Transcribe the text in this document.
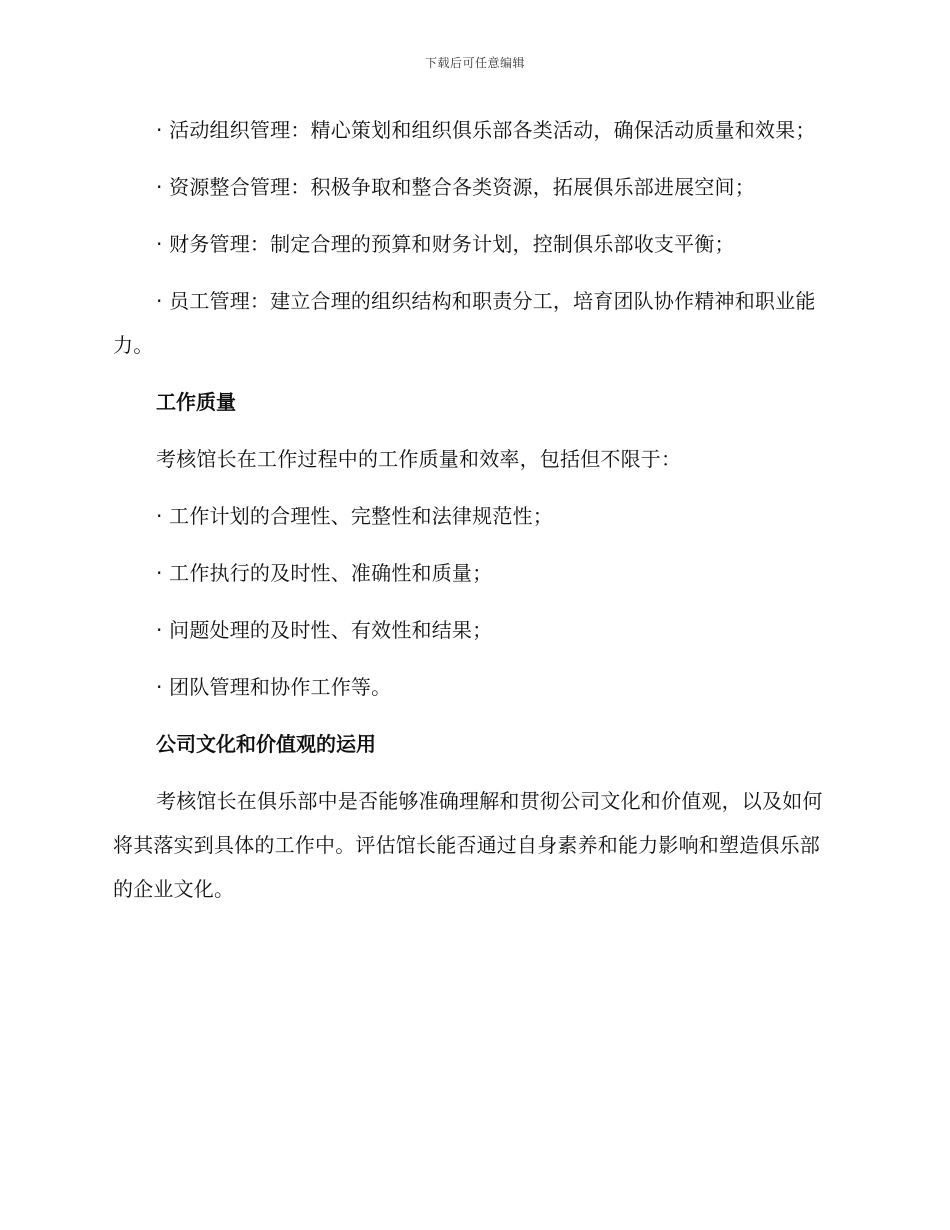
下载后可任意编辑

· 活动组织管理：精心策划和组织俱乐部各类活动，确保活动质量和效果；

· 资源整合管理：积极争取和整合各类资源，拓展俱乐部进展空间；

· 财务管理：制定合理的预算和财务计划，控制俱乐部收支平衡；

· 员工管理：建立合理的组织结构和职责分工，培育团队协作精神和职业能力。

工作质量

考核馆长在工作过程中的工作质量和效率，包括但不限于：

· 工作计划的合理性、完整性和法律规范性；

· 工作执行的及时性、准确性和质量；

· 问题处理的及时性、有效性和结果；

· 团队管理和协作工作等。

公司文化和价值观的运用

考核馆长在俱乐部中是否能够准确理解和贯彻公司文化和价值观，以及如何将其落实到具体的工作中。评估馆长能否通过自身素养和能力影响和塑造俱乐部的企业文化。
